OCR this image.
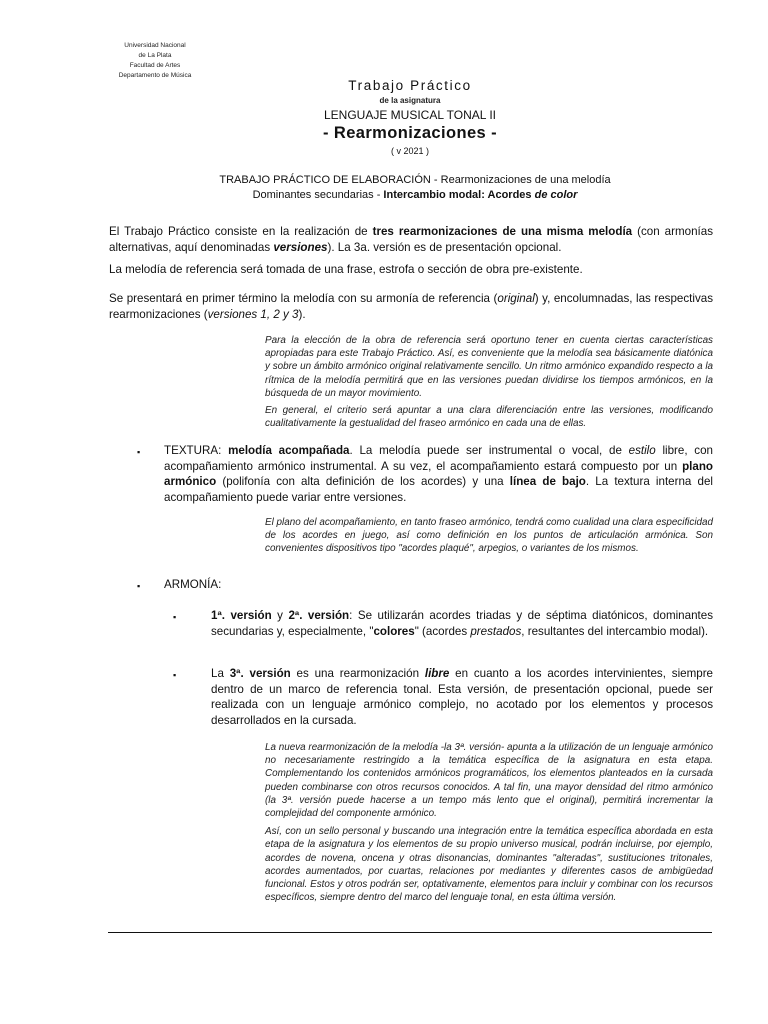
Universidad Nacional
de La Plata
Facultad de Artes
Departamento de Música
Trabajo Práctico
de la asignatura
LENGUAJE MUSICAL TONAL II
- Rearmonizaciones -
( v 2021 )
TRABAJO PRÁCTICO DE ELABORACIÓN - Rearmonizaciones de una melodía
Dominantes secundarias - Intercambio modal: Acordes de color
El Trabajo Práctico consiste en la realización de tres rearmonizaciones de una misma melodía (con armonías alternativas, aquí denominadas versiones). La 3a. versión es de presentación opcional.
La melodía de referencia será tomada de una frase, estrofa o sección de obra pre-existente.
Se presentará en primer término la melodía con su armonía de referencia (original) y, encolumnadas, las respectivas rearmonizaciones (versiones 1, 2 y 3).
Para la elección de la obra de referencia será oportuno tener en cuenta ciertas características apropiadas para este Trabajo Práctico. Así, es conveniente que la melodía sea básicamente diatónica y sobre un ámbito armónico original relativamente sencillo. Un ritmo armónico expandido respecto a la rítmica de la melodía permitirá que en las versiones puedan dividirse los tiempos armónicos, en la búsqueda de un mayor movimiento.
En general, el criterio será apuntar a una clara diferenciación entre las versiones, modificando cualitativamente la gestualidad del fraseo armónico en cada una de ellas.
▪ TEXTURA: melodía acompañada. La melodía puede ser instrumental o vocal, de estilo libre, con acompañamiento armónico instrumental. A su vez, el acompañamiento estará compuesto por un plano armónico (polifonía con alta definición de los acordes) y una línea de bajo. La textura interna del acompañamiento puede variar entre versiones.
El plano del acompañamiento, en tanto fraseo armónico, tendrá como cualidad una clara especificidad de los acordes en juego, así como definición en los puntos de articulación armónica. Son convenientes dispositivos tipo "acordes plaqué", arpegios, o variantes de los mismos.
▪ ARMONÍA:
▪	1ª. versión y 2ª. versión: Se utilizarán acordes triadas y de séptima diatónicos, dominantes secundarias y, especialmente, "colores" (acordes prestados, resultantes del intercambio modal).
▪	La 3ª. versión es una rearmonización libre en cuanto a los acordes intervinientes, siempre dentro de un marco de referencia tonal. Esta versión, de presentación opcional, puede ser realizada con un lenguaje armónico complejo, no acotado por los elementos y procesos desarrollados en la cursada.
La nueva rearmonización de la melodía -la 3ª. versión- apunta a la utilización de un lenguaje armónico no necesariamente restringido a la temática específica de la asignatura en esta etapa. Complementando los contenidos armónicos programáticos, los elementos planteados en la cursada pueden combinarse con otros recursos conocidos. A tal fin, una mayor densidad del ritmo armónico (la 3ª. versión puede hacerse a un tempo más lento que el original), permitirá incrementar la complejidad del componente armónico.
Así, con un sello personal y buscando una integración entre la temática específica abordada en esta etapa de la asignatura y los elementos de su propio universo musical, podrán incluirse, por ejemplo, acordes de novena, oncena y otras disonancias, dominantes "alteradas", sustituciones tritonales, acordes aumentados, por cuartas, relaciones por mediantes y diferentes casos de ambigüedad funcional. Estos y otros podrán ser, optativamente, elementos para incluir y combinar con los recursos específicos, siempre dentro del marco del lenguaje tonal, en esta última versión.
